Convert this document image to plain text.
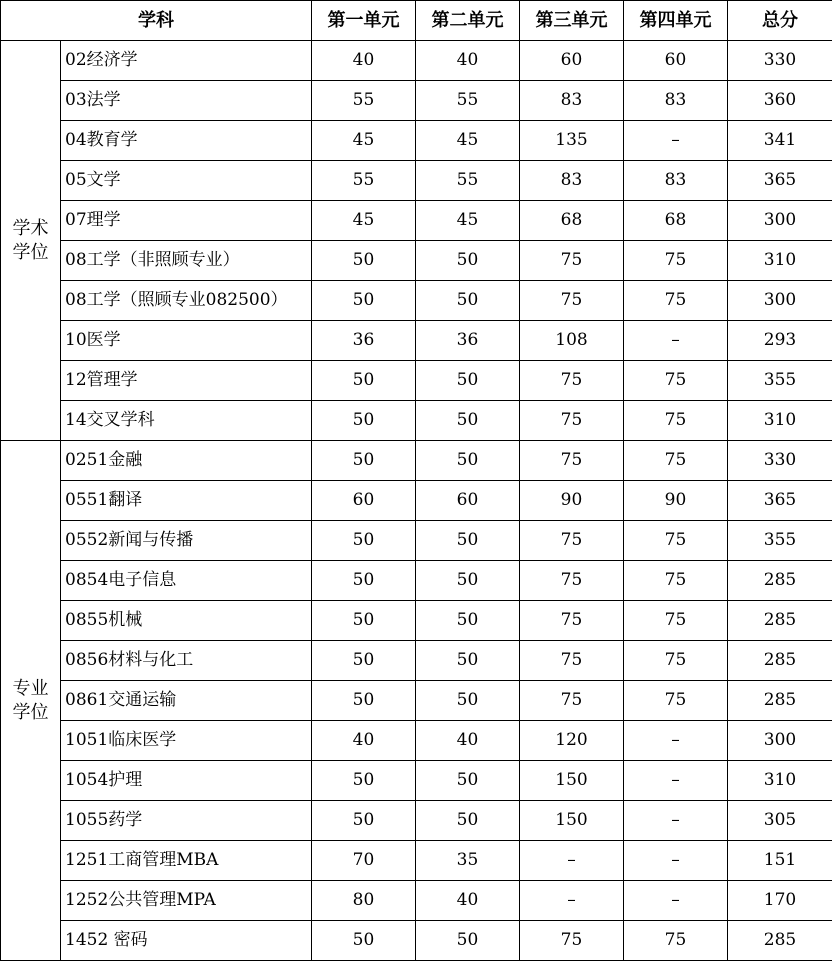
学科		第一单元	第二单元	第三单元	第四单元	总分

学术
学位	02经济学	40	40	60	60	330
	03法学	55	55	83	83	360
	04教育学	45	45	135	–	341
	05文学	55	55	83	83	365
	07理学	45	45	68	68	300
	08工学（非照顾专业）	50	50	75	75	310
	08工学（照顾专业082500）	50	50	75	75	300
	10医学	36	36	108	–	293
	12管理学	50	50	75	75	355
	14交叉学科	50	50	75	75	310

专业
学位	0251金融	50	50	75	75	330
	0551翻译	60	60	90	90	365
	0552新闻与传播	50	50	75	75	355
	0854电子信息	50	50	75	75	285
	0855机械	50	50	75	75	285
	0856材料与化工	50	50	75	75	285
	0861交通运输	50	50	75	75	285
	1051临床医学	40	40	120	–	300
	1054护理	50	50	150	–	310
	1055药学	50	50	150	–	305
	1251工商管理MBA	70	35	–	–	151
	1252公共管理MPA	80	40	–	–	170
	1452 密码	50	50	75	75	285
